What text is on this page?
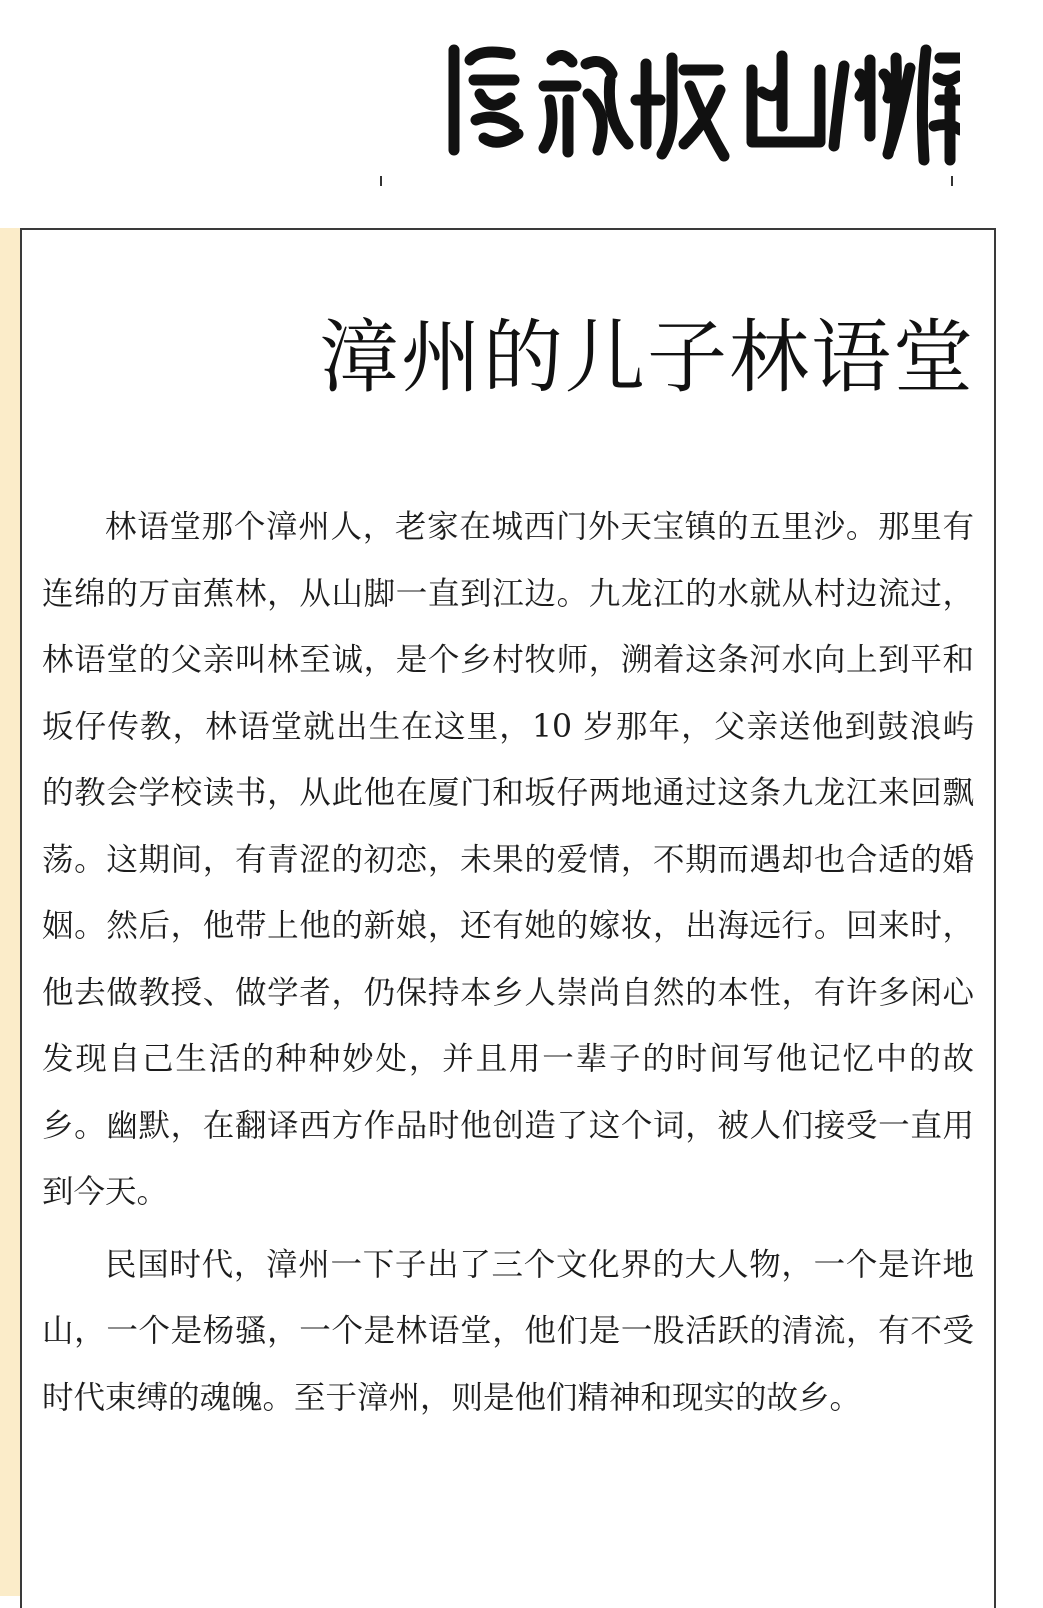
漳州的儿子林语堂

林语堂那个漳州人，老家在城西门外天宝镇的五里沙。那里有连绵的万亩蕉林，从山脚一直到江边。九龙江的水就从村边流过，林语堂的父亲叫林至诚，是个乡村牧师，溯着这条河水向上到平和坂仔传教，林语堂就出生在这里，10 岁那年，父亲送他到鼓浪屿的教会学校读书，从此他在厦门和坂仔两地通过这条九龙江来回飘荡。这期间，有青涩的初恋，未果的爱情，不期而遇却也合适的婚姻。然后，他带上他的新娘，还有她的嫁妆，出海远行。回来时，他去做教授、做学者，仍保持本乡人崇尚自然的本性，有许多闲心发现自己生活的种种妙处，并且用一辈子的时间写他记忆中的故乡。幽默，在翻译西方作品时他创造了这个词，被人们接受一直用到今天。

民国时代，漳州一下子出了三个文化界的大人物，一个是许地山，一个是杨骚，一个是林语堂，他们是一股活跃的清流，有不受时代束缚的魂魄。至于漳州，则是他们精神和现实的故乡。
